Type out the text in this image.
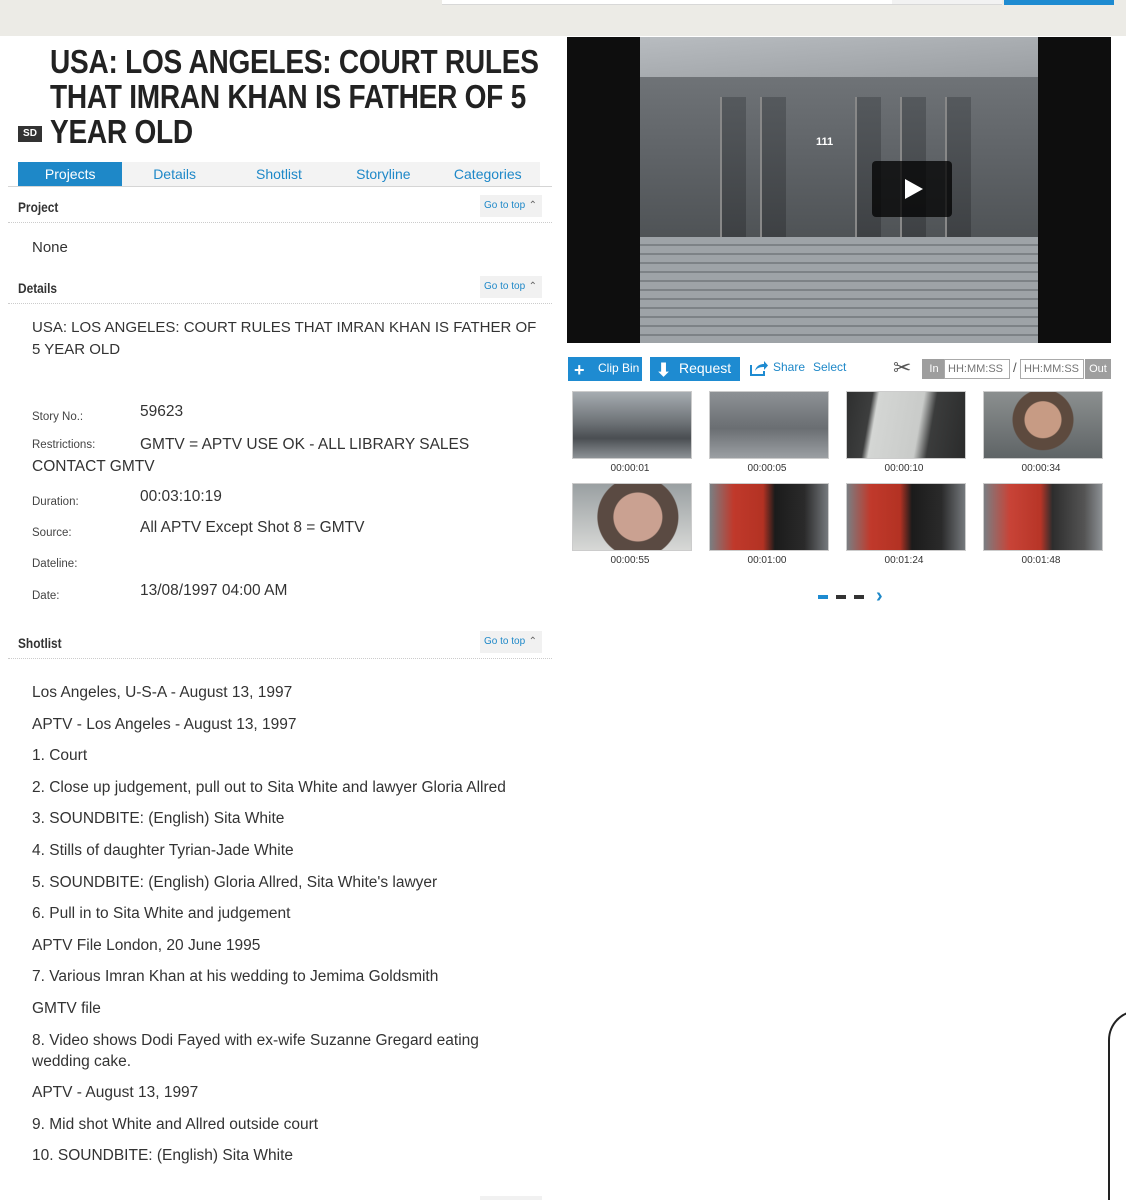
SD
USA: LOS ANGELES: COURT RULES THAT IMRAN KHAN IS FATHER OF 5 YEAR OLD
Projects	Details	Shotlist	Storyline	Categories
Project	Go to top ⌃
None
Details	Go to top ⌃
USA: LOS ANGELES: COURT RULES THAT IMRAN KHAN IS FATHER OF 5 YEAR OLD
Story No.:	59623
Restrictions:	GMTV = APTV USE OK - ALL LIBRARY SALES CONTACT GMTV
Duration:	00:03:10:19
Source:	All APTV Except Shot 8 = GMTV
Dateline:
Date:	13/08/1997 04:00 AM
Shotlist	Go to top ⌃
Los Angeles, U-S-A - August 13, 1997
APTV - Los Angeles - August 13, 1997
1. Court
2. Close up judgement, pull out to Sita White and lawyer Gloria Allred
3. SOUNDBITE: (English) Sita White
4. Stills of daughter Tyrian-Jade White
5. SOUNDBITE: (English) Gloria Allred, Sita White's lawyer
6. Pull in to Sita White and judgement
APTV File London, 20 June 1995
7. Various Imran Khan at his wedding to Jemima Goldsmith
GMTV file
8. Video shows Dodi Fayed with ex-wife Suzanne Gregard eating wedding cake.
APTV - August 13, 1997
9. Mid shot White and Allred outside court
10. SOUNDBITE: (English) Sita White
111
+ Clip Bin ⬇ Request	Share Select ✂	In
HH:MM:SS	/
HH:MM:SS	Out
00:00:01	00:00:05	00:00:10	00:00:34
00:00:55	00:01:00	00:01:24	00:01:48
›
